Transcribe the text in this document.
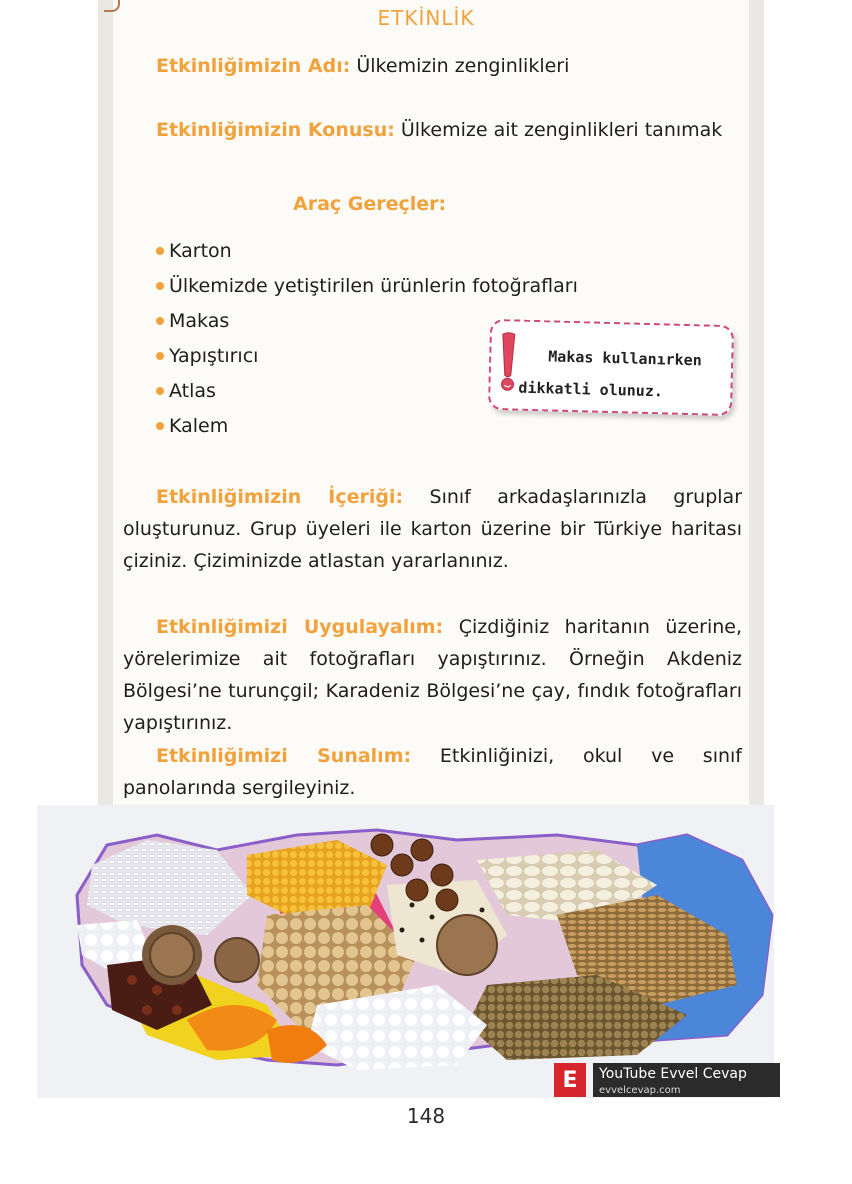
ETKİNLİK
Etkinliğimizin Adı: Ülkemizin zenginlikleri
Etkinliğimizin Konusu: Ülkemize ait zenginlikleri tanımak
Araç Gereçler:
Karton
Ülkemizde yetiştirilen ürünlerin fotoğrafları
Makas
Yapıştırıcı
Atlas
Kalem
Makas kullanırken
dikkatli olunuz.
Etkinliğimizin İçeriği: Sınıf arkadaşlarınızla gruplar oluşturunuz. Grup üyeleri ile karton üzerine bir Türkiye haritası çiziniz. Çiziminizde atlastan yararlanınız.
Etkinliğimizi Uygulayalım: Çizdiğiniz haritanın üzerine, yörelerimize ait fotoğrafları yapıştırınız. Örneğin Akdeniz Bölgesi’ne turunçgil; Karadeniz Bölgesi’ne çay, fındık fotoğrafları yapıştırınız.
Etkinliğimizi Sunalım: Etkinliğinizi, okul ve sınıf panolarında sergileyiniz.
E	YouTube Evvel Cevap
evvelcevap.com
148
